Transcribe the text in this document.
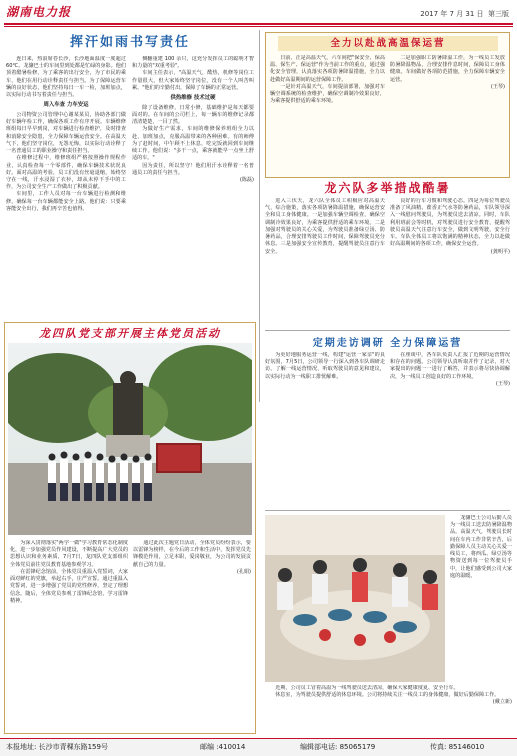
湖南电力报	2017 年 7 月 31 日 第三版
挥汗如雨书写责任

连日来，热浪席卷长沙，长沙地面温度一度超过60℃。龙骧巴士的车间里到处都是忙碌的身影。他们顶着酷暑检修，为了乘客的出行安全，为了市民的乘车，他们在用行动诠释责任与担当。为了保障运营车辆的良好状态，他们坚持每日一车一检，加班加点，以实际行动书写着责任与担当。

周入车查 力车安运

公司物资公司管理中心谢某某员，协助各部门做好车辆年检工作，确保各项工作有序开展。车辆维修班组每日早早到岗，对车辆进行检查维护，及时排查和消除安全隐患，全力保障车辆运营安全。在高温天气下，他们坚守岗位，无怨无悔，以实际行动诠释了一名普通员工的职业操守和责任担当。

在维修过程中，维修班组严格按照操作规程作业，认真检查每一个零部件，确保车辆技术状况良好。面对高温的考验，员工们没有丝毫退缩，始终坚守在一线，汗水浸湿了衣衫，却从未停下手中的工作，为公司安全生产工作做出了积极贡献。

车间里，工作人员对每一台车辆进行检测和维修，确保每一台车辆都能安全上路。他们说：只要乘客能安全出行，我们再辛苦也值得。

侧翻重建 100 余只，这充分发挥员工的聪明才智和力量的"双重考验"。

车间主任表示，"高温天气，酷热，机修等岗位工作量很大，但大家始终坚守岗位，没有一个人叫苦叫累。"他们的辛勤付出，保障了车辆的正常运营。

供热维修 技术过硬

除了设备维修，日常小修，基础维护是每天都要面对的。在车间的公司栏上，每一辆车的维修记录都清清楚楚，一目了然。

为做好生产需求，车间的维修保养班组全力以赴，加班加点，克服高温带来的各种困难。有的师傅为了赶时间，中午顾不上休息，吃完饭就回到车间继续工作。他们说："多干一点，乘客就能早一点坐上舒适的车。"

因为责任，所以坚守！他们用汗水诠释着一名普通员工的责任与担当。

(陈磊)

全力以赴战高温保运营

日前，正是高温天气，六车间把"保安全、保高温、保生产、保运营"作为当前工作的重点，通过强化安全管理，认真落实各项防暑降温措施，全力以赴做好高温期间的运营保障工作。

一是针对高温天气，车间提前部署，加强对车辆空调系统的检查维护，确保空调制冷效果良好，为乘客提供舒适的乘车环境。

二是加强职工防暑降温工作，为一线员工发放防暑降温物品，合理安排作息时间，保障员工身体健康。车间做好各项防范措施，全力保障车辆安全运营。

(王琴)

龙六队多举措战酷暑

进入三伏天，龙六队全体员工积极应对高温天气，综合施策，落实各项防暑降温措施，确保运营安全和员工身体健康。一是加强车辆空调检查，确保空调制冷效果良好，为乘客提供舒适的乘车环境。二是加强对驾驶员的关心关爱，为驾驶员准备绿豆汤、防暑药品，合理安排驾驶员工作时间，保障驾驶员充分休息。三是加强安全宣传教育，提醒驾驶员注意行车安全。

良好的行车习惯和驾驶心态。四是为每位驾驶员准备了风油精、藿香正气水等防暑药品，车队领导深入一线慰问驾驶员，为驾驶员送去清凉。同时，车队利用班前会等时机，对驾驶员进行安全教育，提醒驾驶员高温天气注意行车安全，做到文明驾驶，安全行车。车队全体员工将以饱满的精神状态，全力以赴做好高温期间的各项工作，确保安全运营。

(龚明平)

龙四队党支部开展主体党员活动

为深入贯彻落实"两学一做"学习教育常态化制度化，进一步加强党员作风建设，不断提高广大党员的思想认识和业务素质，7月7日，龙四队党支部组织全体党员前往党员教育基地参观学习。

在雷锋纪念馆前，全体党员重温入党誓词，大家面对鲜红的党旗，举起右手，庄严宣誓。通过重温入党誓词，进一步增强了党员的党性修养，坚定了理想信念。随后，全体党员参观了雷锋纪念馆，学习雷锋精神。

通过此次主题党日活动，全体党员纷纷表示，要以雷锋为榜样，在今后的工作和生活中，发挥党员先锋模范作用，立足本职，爱岗敬业，为公司的发展贡献自己的力量。

(孔娟)

定期走访调研 全力保障运营

为更好地服务运营一线，构建"运营一家亲"的良好氛围，7月5日，公司领导一行深入到各车队调研走访，了解一线运营情况，听取驾驶员的意见和建议，以实际行动为一线职工排忧解难。

在座谈中，各车队负责人汇报了近期的运营情况和存在的问题。公司领导认真听取并作了记录，对大家提出的问题一一进行了解答，并表示将尽快协调解决，为一线员工创造良好的工作环境。

(王琴)

龙骧巴士公司后勤人员为一线员工送去防暑降温物品。高温天气，驾驶员长时间在车内工作非常辛苦，后勤保障人员主动关心关爱一线员工，将西瓜、绿豆汤等物资送到每一位驾驶员手中，让他们感受到公司大家庭的温暖。

近期，公司员工冒着高温为一线驾驶员送去清凉，确保大家健康度夏、安全行车。

休息室，为驾驶员提供舒适的休息环境。公司将持续关注一线员工的身体健康，做好后勤保障工作。

(戴立新)

本报地址: 长沙市青稞东路159号	邮编 :410014	编辑部电话: 85065179	传真: 85146010
